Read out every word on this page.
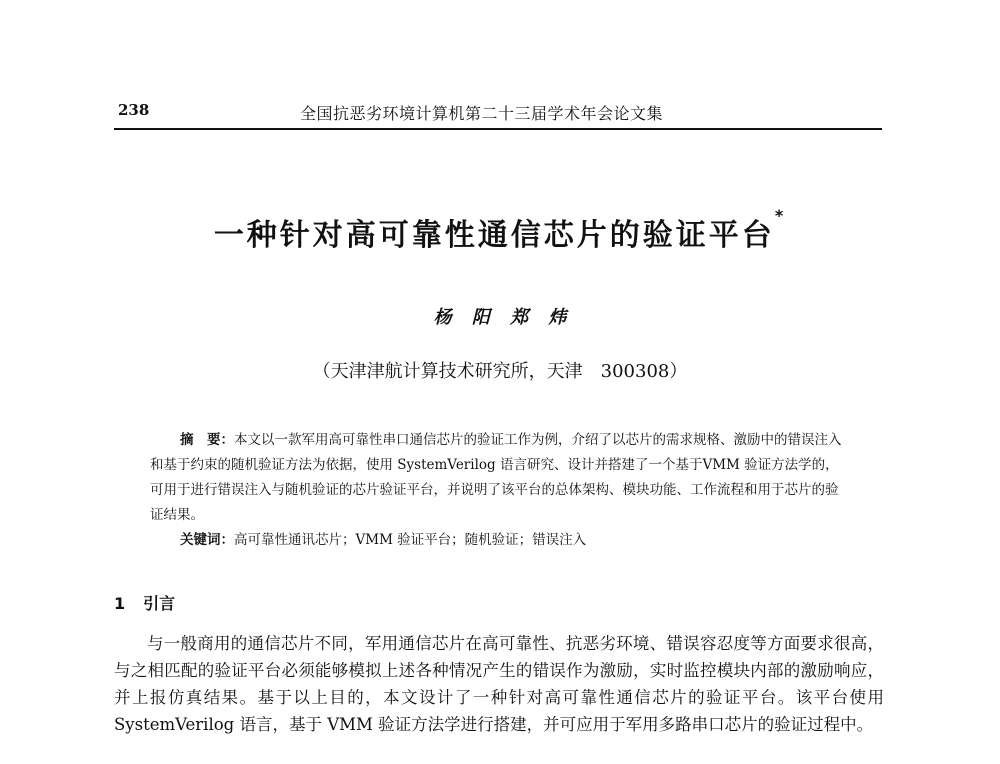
238	全国抗恶劣环境计算机第二十三届学术年会论文集
一种针对高可靠性通信芯片的验证平台*
杨 阳 郑 炜
（天津津航计算技术研究所，天津　300308）
摘　要：本文以一款军用高可靠性串口通信芯片的验证工作为例，介绍了以芯片的需求规格、激励中的错误注入和基于约束的随机验证方法为依据，使用 SystemVerilog 语言研究、设计并搭建了一个基于VMM 验证方法学的，可用于进行错误注入与随机验证的芯片验证平台，并说明了该平台的总体架构、模块功能、工作流程和用于芯片的验证结果。
关键词：高可靠性通讯芯片；VMM 验证平台；随机验证；错误注入
1 引言
与一般商用的通信芯片不同，军用通信芯片在高可靠性、抗恶劣环境、错误容忍度等方面要求很高，与之相匹配的验证平台必须能够模拟上述各种情况产生的错误作为激励，实时监控模块内部的激励响应，并上报仿真结果。基于以上目的，本文设计了一种针对高可靠性通信芯片的验证平台。该平台使用 SystemVerilog 语言，基于 VMM 验证方法学进行搭建，并可应用于军用多路串口芯片的验证过程中。
